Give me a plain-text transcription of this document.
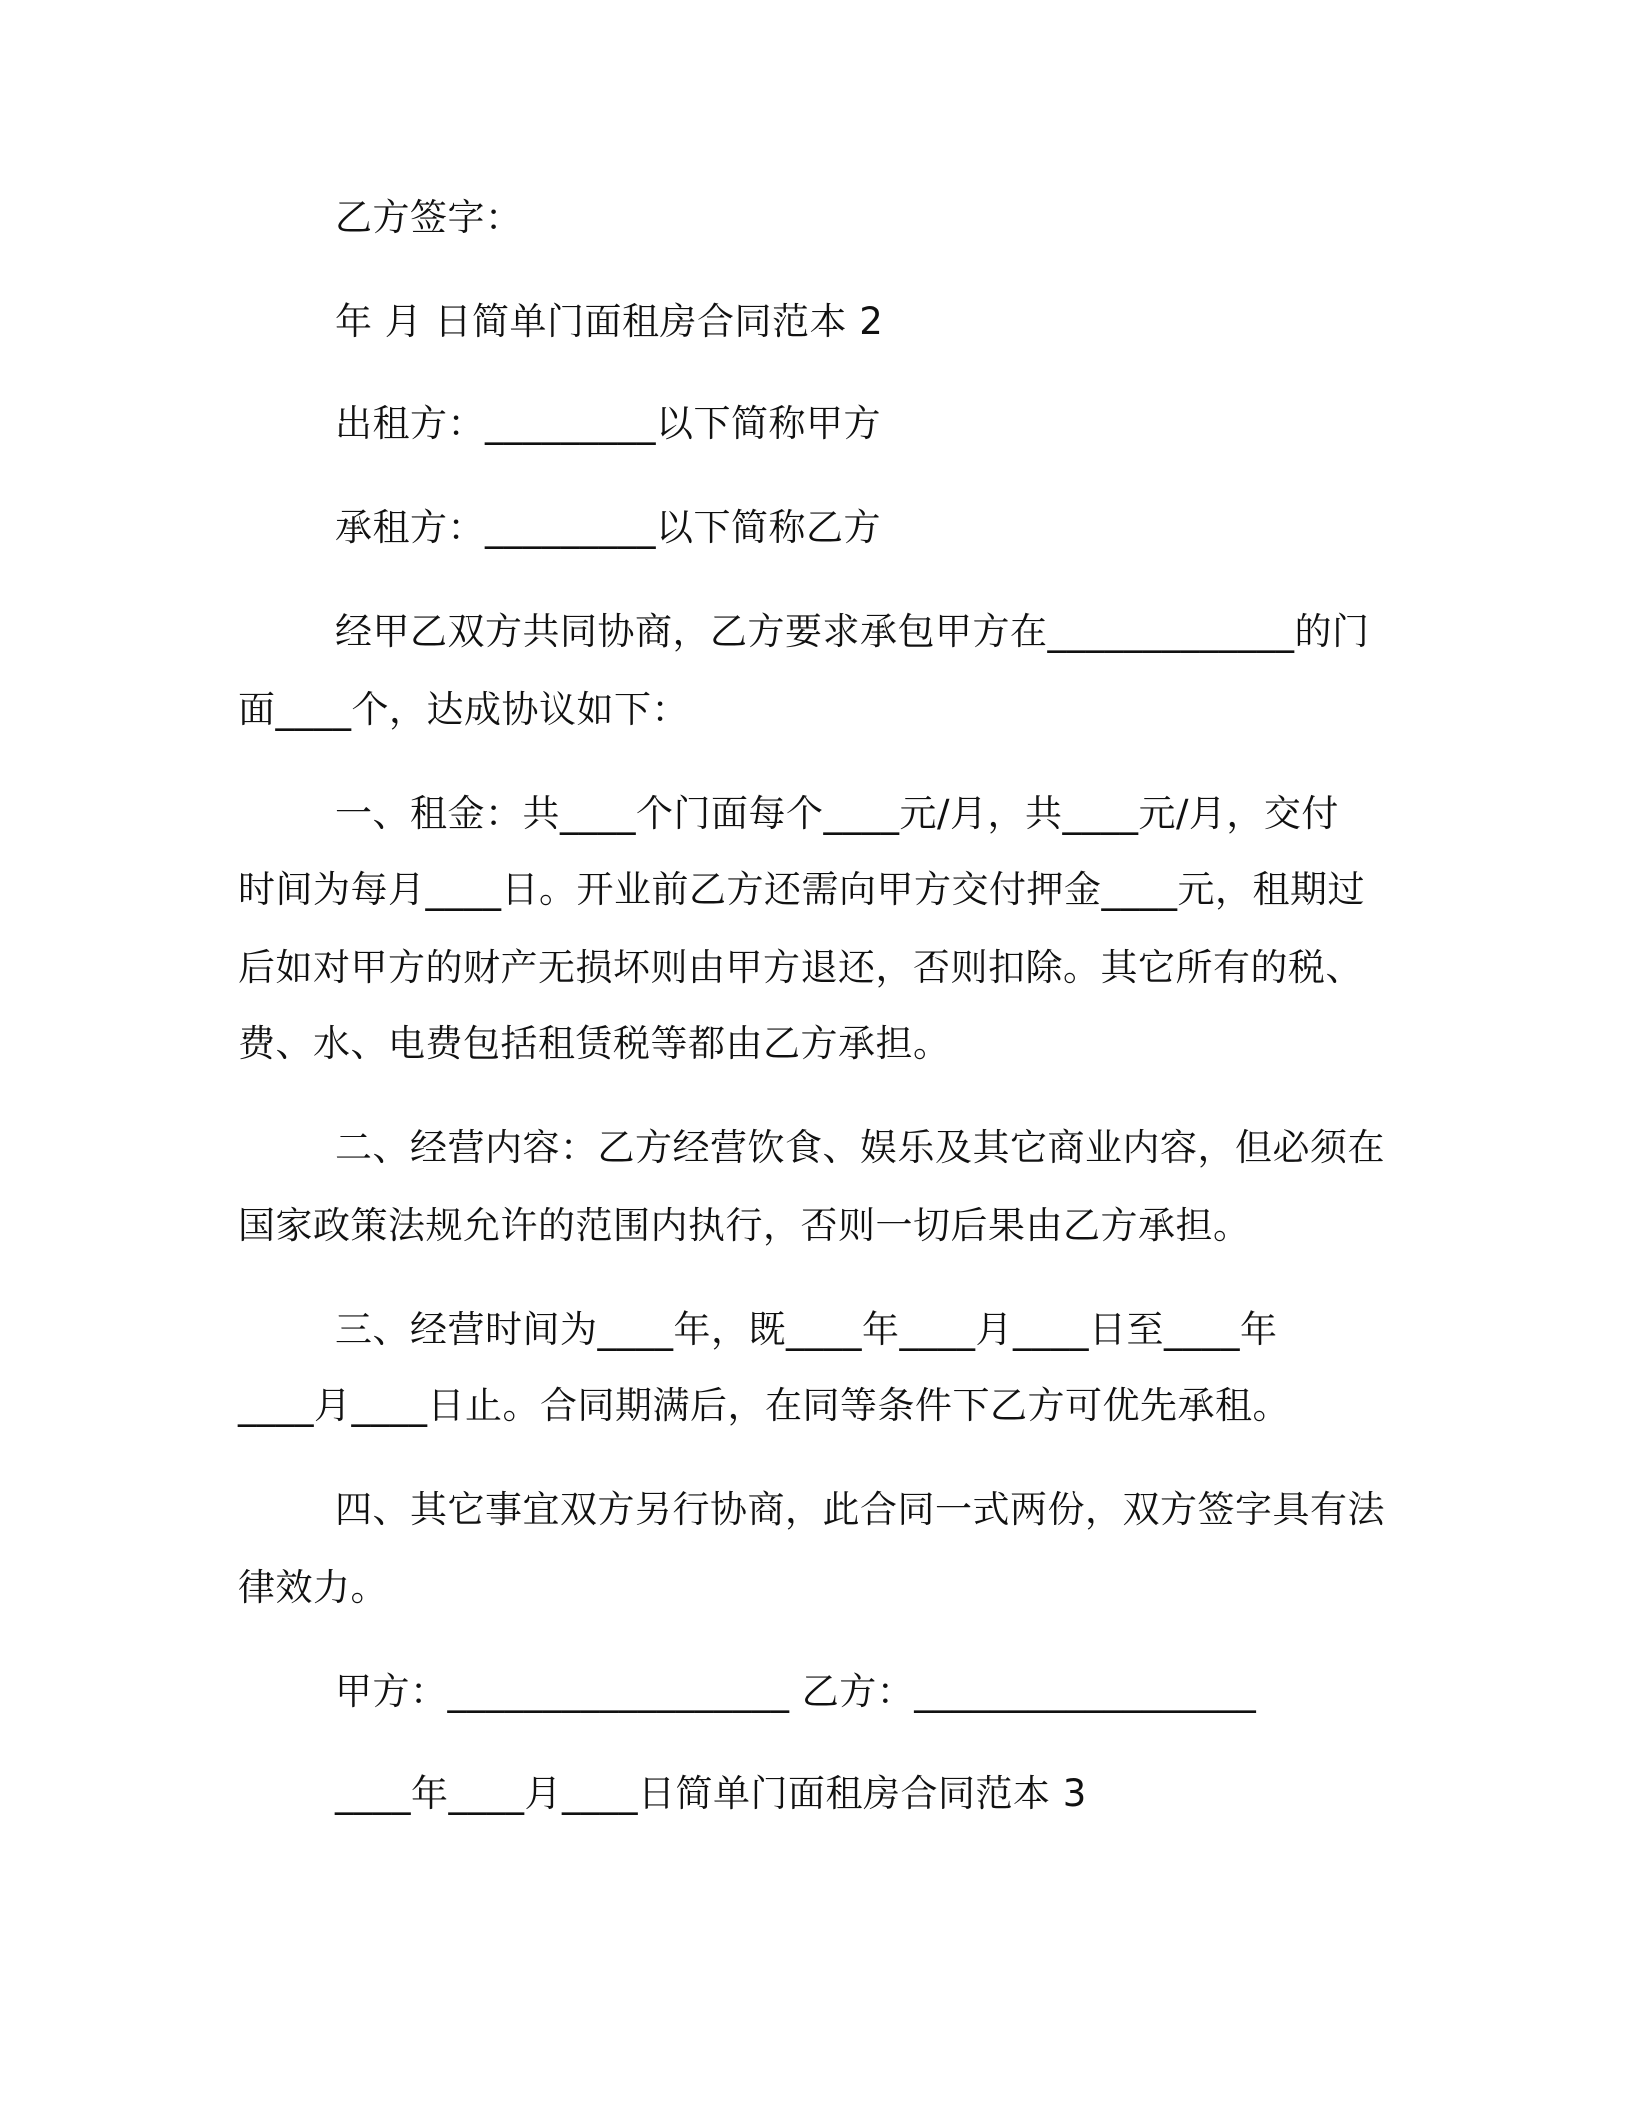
乙方签字：
年 月 日简单门面租房合同范本 2
出租方：_________以下简称甲方
承租方：_________以下简称乙方
经甲乙双方共同协商，乙方要求承包甲方在_____________的门
面____个，达成协议如下：
一、租金：共____个门面每个____元/月，共____元/月，交付
时间为每月____日。开业前乙方还需向甲方交付押金____元，租期过
后如对甲方的财产无损坏则由甲方退还，否则扣除。其它所有的税、
费、水、电费包括租赁税等都由乙方承担。
二、经营内容：乙方经营饮食、娱乐及其它商业内容，但必须在
国家政策法规允许的范围内执行，否则一切后果由乙方承担。
三、经营时间为____年，既____年____月____日至____年
____月____日止。合同期满后，在同等条件下乙方可优先承租。
四、其它事宜双方另行协商，此合同一式两份，双方签字具有法
律效力。
甲方：__________________ 乙方：__________________
____年____月____日简单门面租房合同范本 3
